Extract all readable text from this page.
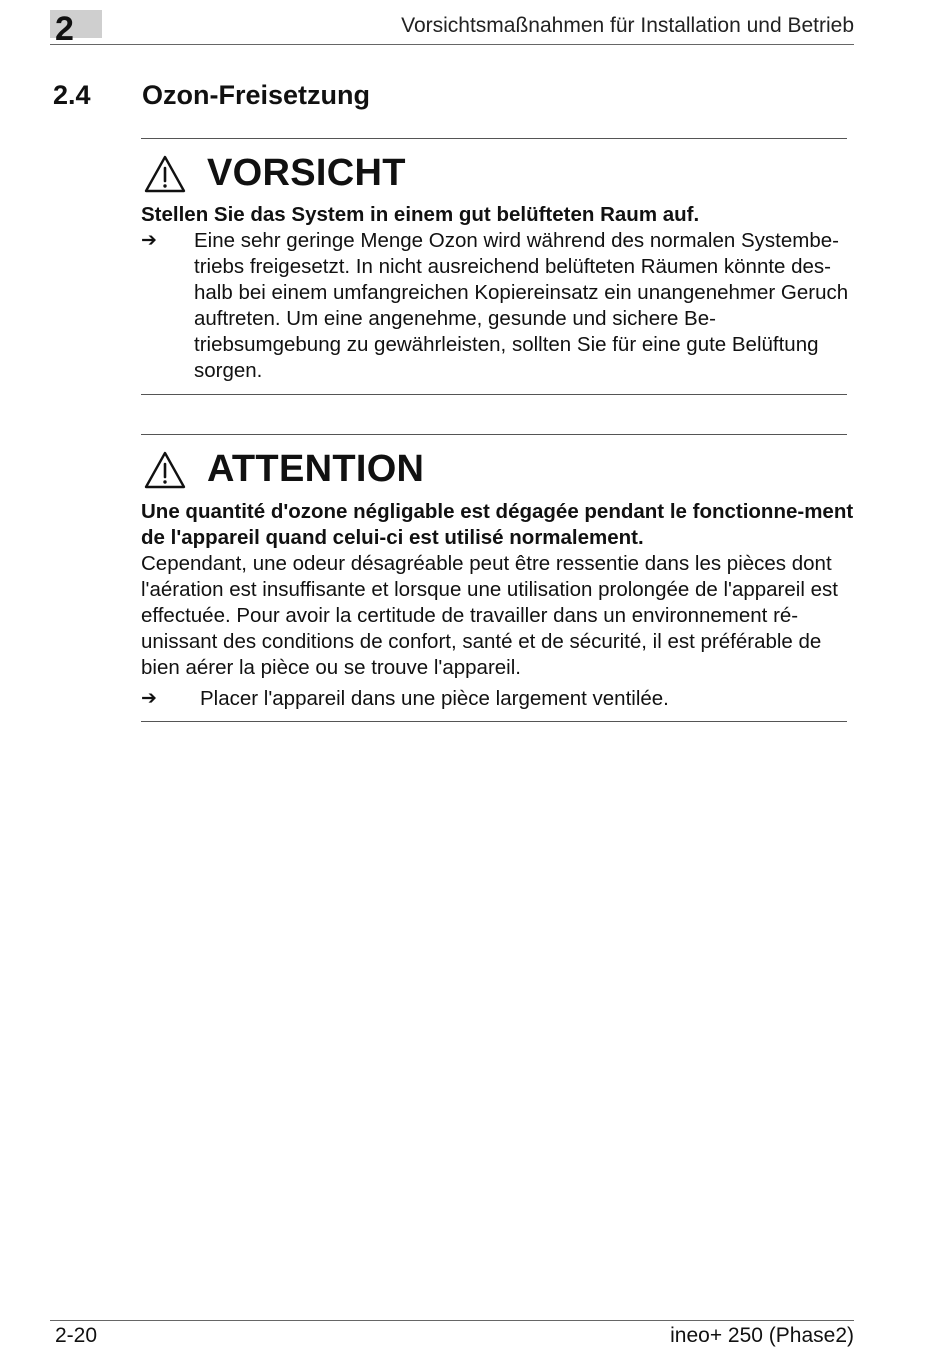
2	Vorsichtsmaßnahmen für Installation und Betrieb
2.4 Ozon-Freisetzung
VORSICHT
Stellen Sie das System in einem gut belüfteten Raum auf.
➔	Eine sehr geringe Menge Ozon wird während des normalen Systembe-triebs freigesetzt. In nicht ausreichend belüfteten Räumen könnte des-halb bei einem umfangreichen Kopiereinsatz ein unangenehmer Geruch auftreten. Um eine angenehme, gesunde und sichere Be-triebsumgebung zu gewährleisten, sollten Sie für eine gute Belüftung sorgen.
ATTENTION
Une quantité d'ozone négligable est dégagée pendant le fonctionne-ment de l'appareil quand celui-ci est utilisé normalement.
Cependant, une odeur désagréable peut être ressentie dans les pièces dont l'aération est insuffisante et lorsque une utilisation prolongée de l'appareil est effectuée. Pour avoir la certitude de travailler dans un environnement ré-unissant des conditions de confort, santé et de sécurité, il est préférable de bien aérer la pièce ou se trouve l'appareil.
➔	Placer l'appareil dans une pièce largement ventilée.
2-20	ineo+ 250 (Phase2)
